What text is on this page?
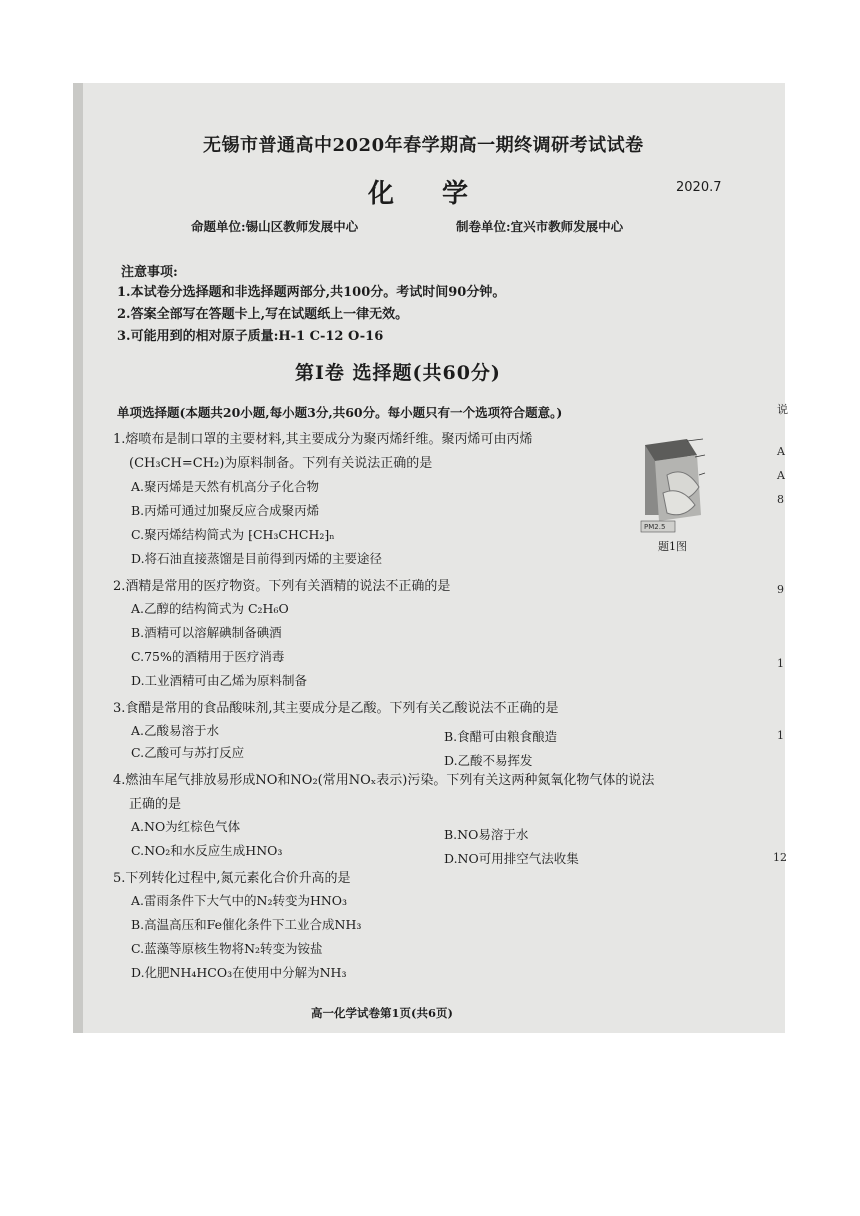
无锡市普通高中2020年春学期高一期终调研考试试卷
化学	2020.7
命题单位:锡山区教师发展中心	制卷单位:宜兴市教师发展中心
注意事项:
1.本试卷分选择题和非选择题两部分,共100分。考试时间90分钟。
2.答案全部写在答题卡上,写在试题纸上一律无效。
3.可能用到的相对原子质量:H-1 C-12 O-16
第Ⅰ卷 选择题(共60分)
单项选择题(本题共20小题,每小题3分,共60分。每小题只有一个选项符合题意。)
1.熔喷布是制口罩的主要材料,其主要成分为聚丙烯纤维。聚丙烯可由丙烯
(CH₃CH=CH₂)为原料制备。下列有关说法正确的是
A.聚丙烯是天然有机高分子化合物
B.丙烯可通过加聚反应合成聚丙烯
C.聚丙烯结构简式为 ⁅CH₃CHCH₂⁆ₙ
D.将石油直接蒸馏是目前得到丙烯的主要途径
PM2.5
题1图
2.酒精是常用的医疗物资。下列有关酒精的说法不正确的是
A.乙醇的结构简式为 C₂H₆O
B.酒精可以溶解碘制备碘酒
C.75%的酒精用于医疗消毒
D.工业酒精可由乙烯为原料制备
3.食醋是常用的食品酸味剂,其主要成分是乙酸。下列有关乙酸说法不正确的是
A.乙酸易溶于水	B.食醋可由粮食酿造
C.乙酸可与苏打反应
D.乙酸不易挥发
4.燃油车尾气排放易形成NO和NO₂(常用NOₓ表示)污染。下列有关这两种氮氧化物气体的说法
正确的是
A.NO为红棕色气体
B.NO易溶于水
C.NO₂和水反应生成HNO₃
D.NO可用排空气法收集
5.下列转化过程中,氮元素化合价升高的是
A.雷雨条件下大气中的N₂转变为HNO₃
B.高温高压和Fe催化条件下工业合成NH₃
C.蓝藻等原核生物将N₂转变为铵盐
D.化肥NH₄HCO₃在使用中分解为NH₃
高一化学试卷第1页(共6页)
说
A
A
8
9
1
1
12
